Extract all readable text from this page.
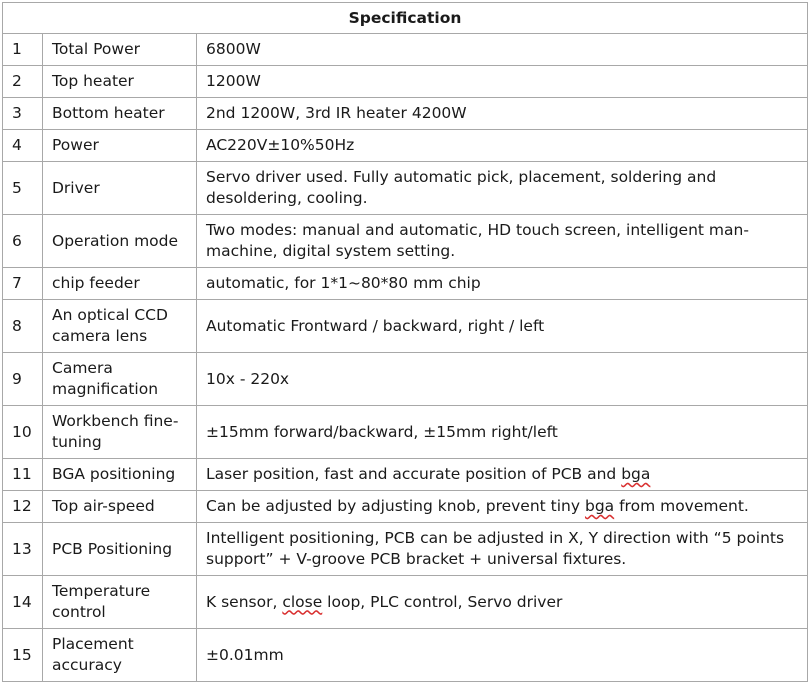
Specification		
1	Total Power	6800W
2	Top heater	1200W
3	Bottom heater	2nd 1200W, 3rd IR heater 4200W
4	Power	AC220V±10%50Hz
5	Driver	Servo driver used. Fully automatic pick, placement, soldering and desoldering, cooling.
6	Operation mode	Two modes: manual and automatic, HD touch screen, intelligent man-machine, digital system setting.
7	chip feeder	automatic, for 1*1~80*80 mm chip
8	An optical CCD camera lens	Automatic Frontward / backward, right / left
9	Camera magnification	10x - 220x
10	Workbench fine-tuning	±15mm forward/backward, ±15mm right/left
11	BGA positioning	Laser position, fast and accurate position of PCB and bga
12	Top air-speed	Can be adjusted by adjusting knob, prevent tiny bga from movement.
13	PCB Positioning	Intelligent positioning, PCB can be adjusted in X, Y direction with “5 points support” + V-groove PCB bracket + universal fixtures.
14	Temperature control	K sensor, close loop, PLC control, Servo driver
15	Placement accuracy	±0.01mm
